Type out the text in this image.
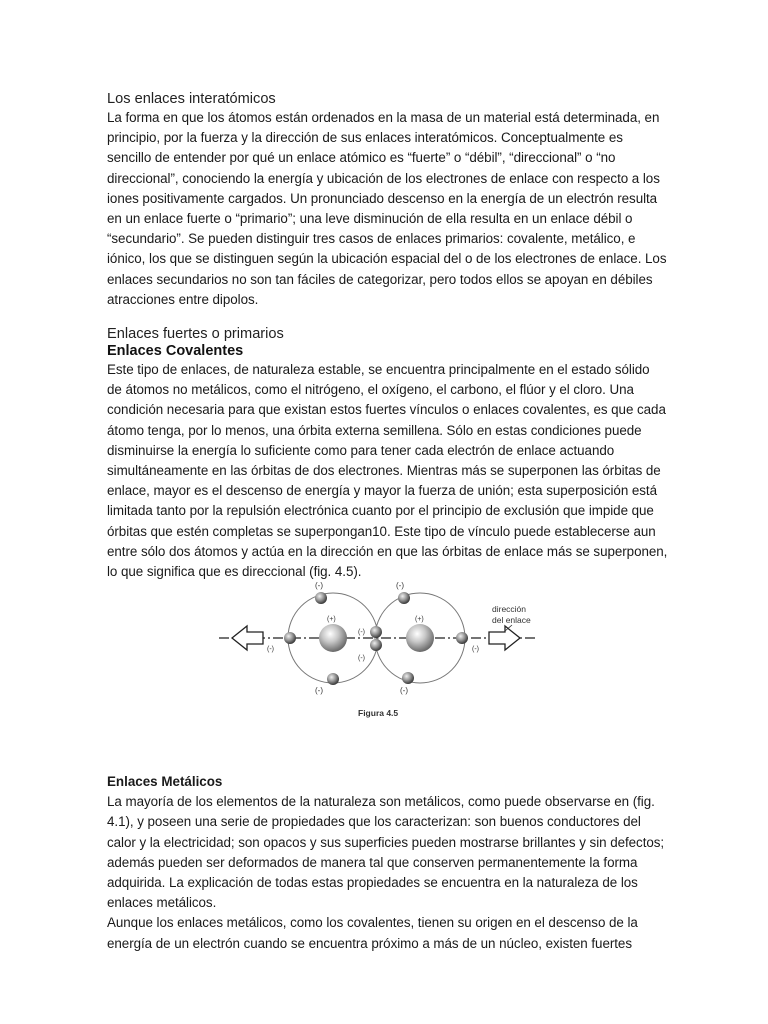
Los enlaces interatómicos

La forma en que los átomos están ordenados en la masa de un material está determinada, en
principio, por la fuerza y la dirección de sus enlaces interatómicos. Conceptualmente es
sencillo de entender por qué un enlace atómico es “fuerte” o “débil”, “direccional” o “no
direccional”, conociendo la energía y ubicación de los electrones de enlace con respecto a los
iones positivamente cargados. Un pronunciado descenso en la energía de un electrón resulta
en un enlace fuerte o “primario”; una leve disminución de ella resulta en un enlace débil o
“secundario”. Se pueden distinguir tres casos de enlaces primarios: covalente, metálico, e
iónico, los que se distinguen según la ubicación espacial del o de los electrones de enlace. Los
enlaces secundarios no son tan fáciles de categorizar, pero todos ellos se apoyan en débiles
atracciones entre dipolos.

Enlaces fuertes o primarios
Enlaces Covalentes

Este tipo de enlaces, de naturaleza estable, se encuentra principalmente en el estado sólido
de átomos no metálicos, como el nitrógeno, el oxígeno, el carbono, el flúor y el cloro. Una
condición necesaria para que existan estos fuertes vínculos o enlaces covalentes, es que cada
átomo tenga, por lo menos, una órbita externa semillena. Sólo en estas condiciones puede
disminuirse la energía lo suficiente como para tener cada electrón de enlace actuando
simultáneamente en las órbitas de dos electrones. Mientras más se superponen las órbitas de
enlace, mayor es el descenso de energía y mayor la fuerza de unión; esta superposición está
limitada tanto por la repulsión electrónica cuanto por el principio de exclusión que impide que
órbitas que estén completas se superpongan10. Este tipo de vínculo puede establecerse aun
entre sólo dos átomos y actúa en la dirección en que las órbitas de enlace más se superponen,
lo que significa que es direccional (fig. 4.5).

(-)	(-)
(+)	(+)
(-)
(-)
(-)	(-)
(-)	(-)
dirección
del enlace
Figura 4.5
Enlaces Metálicos

La mayoría de los elementos de la naturaleza son metálicos, como puede observarse en (fig.
4.1), y poseen una serie de propiedades que los caracterizan: son buenos conductores del
calor y la electricidad; son opacos y sus superficies pueden mostrarse brillantes y sin defectos;
además pueden ser deformados de manera tal que conserven permanentemente la forma
adquirida. La explicación de todas estas propiedades se encuentra en la naturaleza de los
enlaces metálicos.
Aunque los enlaces metálicos, como los covalentes, tienen su origen en el descenso de la
energía de un electrón cuando se encuentra próximo a más de un núcleo, existen fuertes
